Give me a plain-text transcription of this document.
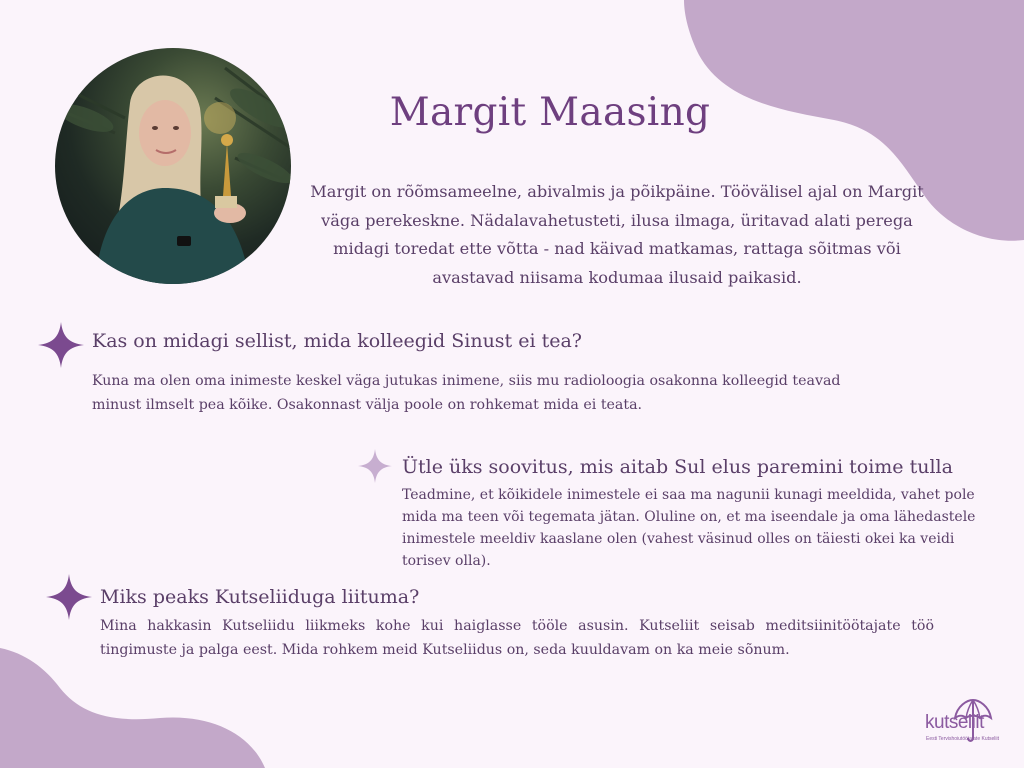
Margit Maasing
Margit on rõõmsameelne, abivalmis ja põikpäine. Töövälisel ajal on Margit väga perekeskne. Nädalavahetusteti, ilusa ilmaga, üritavad alati perega midagi toredat ette võtta - nad käivad matkamas, rattaga sõitmas või avastavad niisama kodumaa ilusaid paikasid.
Kas on midagi sellist, mida kolleegid Sinust ei tea?
Kuna ma olen oma inimeste keskel väga jutukas inimene, siis mu radioloogia osakonna kolleegid teavad minust ilmselt pea kõike. Osakonnast välja poole on rohkemat mida ei teata.
Ütle üks soovitus, mis aitab Sul elus paremini toime tulla
Teadmine, et kõikidele inimestele ei saa ma nagunii kunagi meeldida, vahet pole mida ma teen või tegemata jätan. Oluline on, et ma iseendale ja oma lähedastele inimestele meeldiv kaaslane olen (vahest väsinud olles on täiesti okei ka veidi torisev olla).
Miks peaks Kutseliiduga liituma?
Mina hakkasin Kutseliidu liikmeks kohe kui haiglasse tööle asusin. Kutseliit seisab meditsiinitöötajate töö tingimuste ja palga eest. Mida rohkem meid Kutseliidus on, seda kuuldavam on ka meie sõnum.
kutseliit
Eesti Tervishoiutöötajate Kutseliit
